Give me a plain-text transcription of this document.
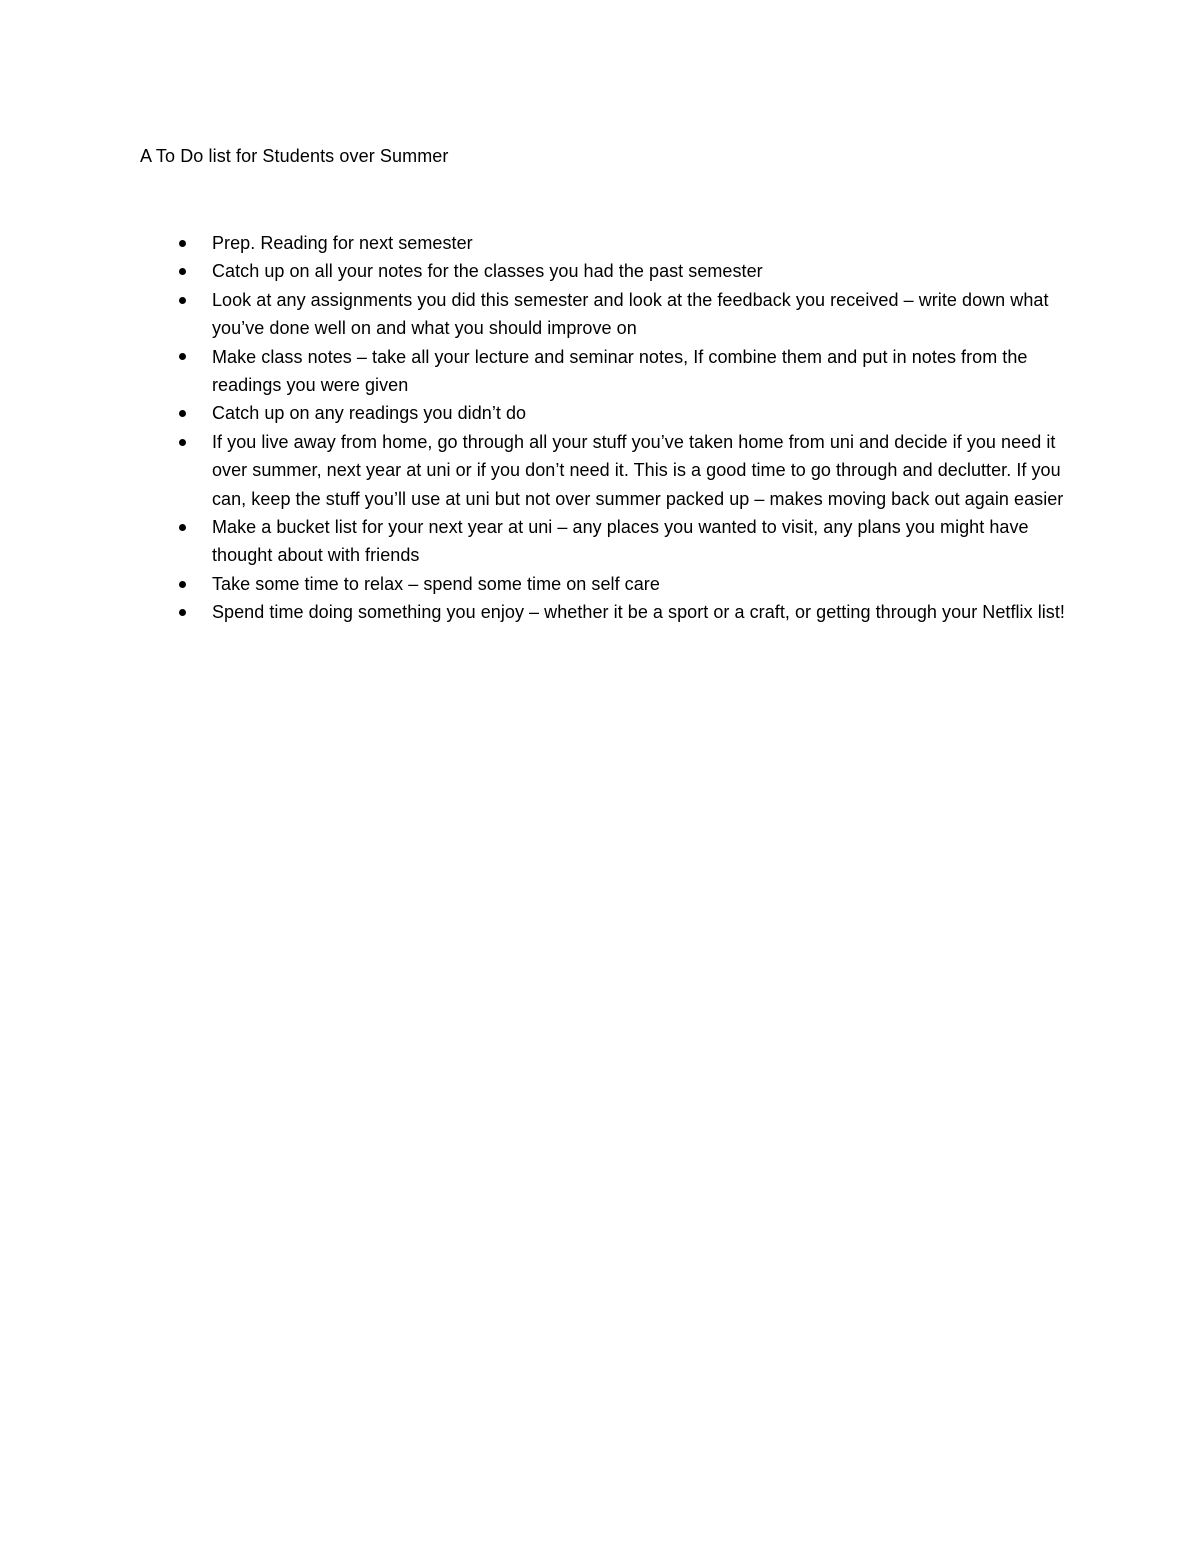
A To Do list for Students over Summer
Prep. Reading for next semester
Catch up on all your notes for the classes you had the past semester
Look at any assignments you did this semester and look at the feedback you received – write down what you’ve done well on and what you should improve on
Make class notes – take all your lecture and seminar notes, If combine them and put in notes from the readings you were given
Catch up on any readings you didn’t do
If you live away from home, go through all your stuff you’ve taken home from uni and decide if you need it over summer, next year at uni or if you don’t need it. This is a good time to go through and declutter. If you can, keep the stuff you’ll use at uni but not over summer packed up – makes moving back out again easier
Make a bucket list for your next year at uni – any places you wanted to visit, any plans you might have thought about with friends
Take some time to relax – spend some time on self care
Spend time doing something you enjoy – whether it be a sport or a craft, or getting through your Netflix list!
